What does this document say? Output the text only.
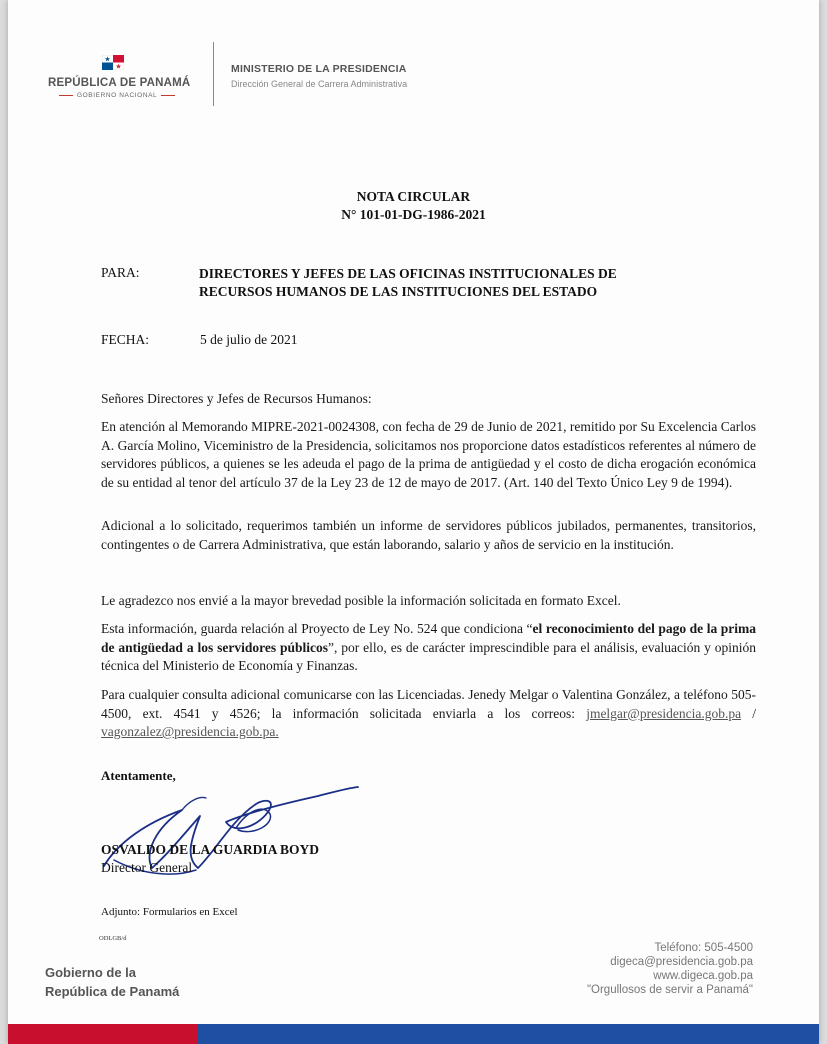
REPÚBLICA DE PANAMÁ
GOBIERNO NACIONAL
MINISTERIO DE LA PRESIDENCIA
Dirección General de Carrera Administrativa
NOTA CIRCULAR
N° 101-01-DG-1986-2021
PARA:	DIRECTORES Y JEFES DE LAS OFICINAS INSTITUCIONALES DE
RECURSOS HUMANOS DE LAS INSTITUCIONES DEL ESTADO
FECHA:	5 de julio de 2021
Señores Directores y Jefes de Recursos Humanos:
En atención al Memorando MIPRE-2021-0024308, con fecha de 29 de Junio de 2021, remitido por Su Excelencia Carlos A. García Molino, Viceministro de la Presidencia, solicitamos nos proporcione datos estadísticos referentes al número de servidores públicos, a quienes se les adeuda el pago de la prima de antigüedad y el costo de dicha erogación económica de su entidad al tenor del artículo 37 de la Ley 23 de 12 de mayo de 2017. (Art. 140 del Texto Único Ley 9 de 1994).
Adicional a lo solicitado, requerimos también un informe de servidores públicos jubilados, permanentes, transitorios, contingentes o de Carrera Administrativa, que están laborando, salario y años de servicio en la institución.
Le agradezco nos envié a la mayor brevedad posible la información solicitada en formato Excel.
Esta información, guarda relación al Proyecto de Ley No. 524 que condiciona “el reconocimiento del pago de la prima de antigüedad a los servidores públicos”, por ello, es de carácter imprescindible para el análisis, evaluación y opinión técnica del Ministerio de Economía y Finanzas.
Para cualquier consulta adicional comunicarse con las Licenciadas. Jenedy Melgar o Valentina González, a teléfono 505-4500, ext. 4541 y 4526; la información solicitada enviarla a los correos: jmelgar@presidencia.gob.pa / vagonzalez@presidencia.gob.pa.
Atentamente,
OSVALDO DE LA GUARDIA BOYD
Director General
Adjunto: Formularios en Excel
ODLGB/d
Gobierno de la
República de Panamá
Teléfono: 505-4500
digeca@presidencia.gob.pa
www.digeca.gob.pa
"Orgullosos de servir a Panamá"
